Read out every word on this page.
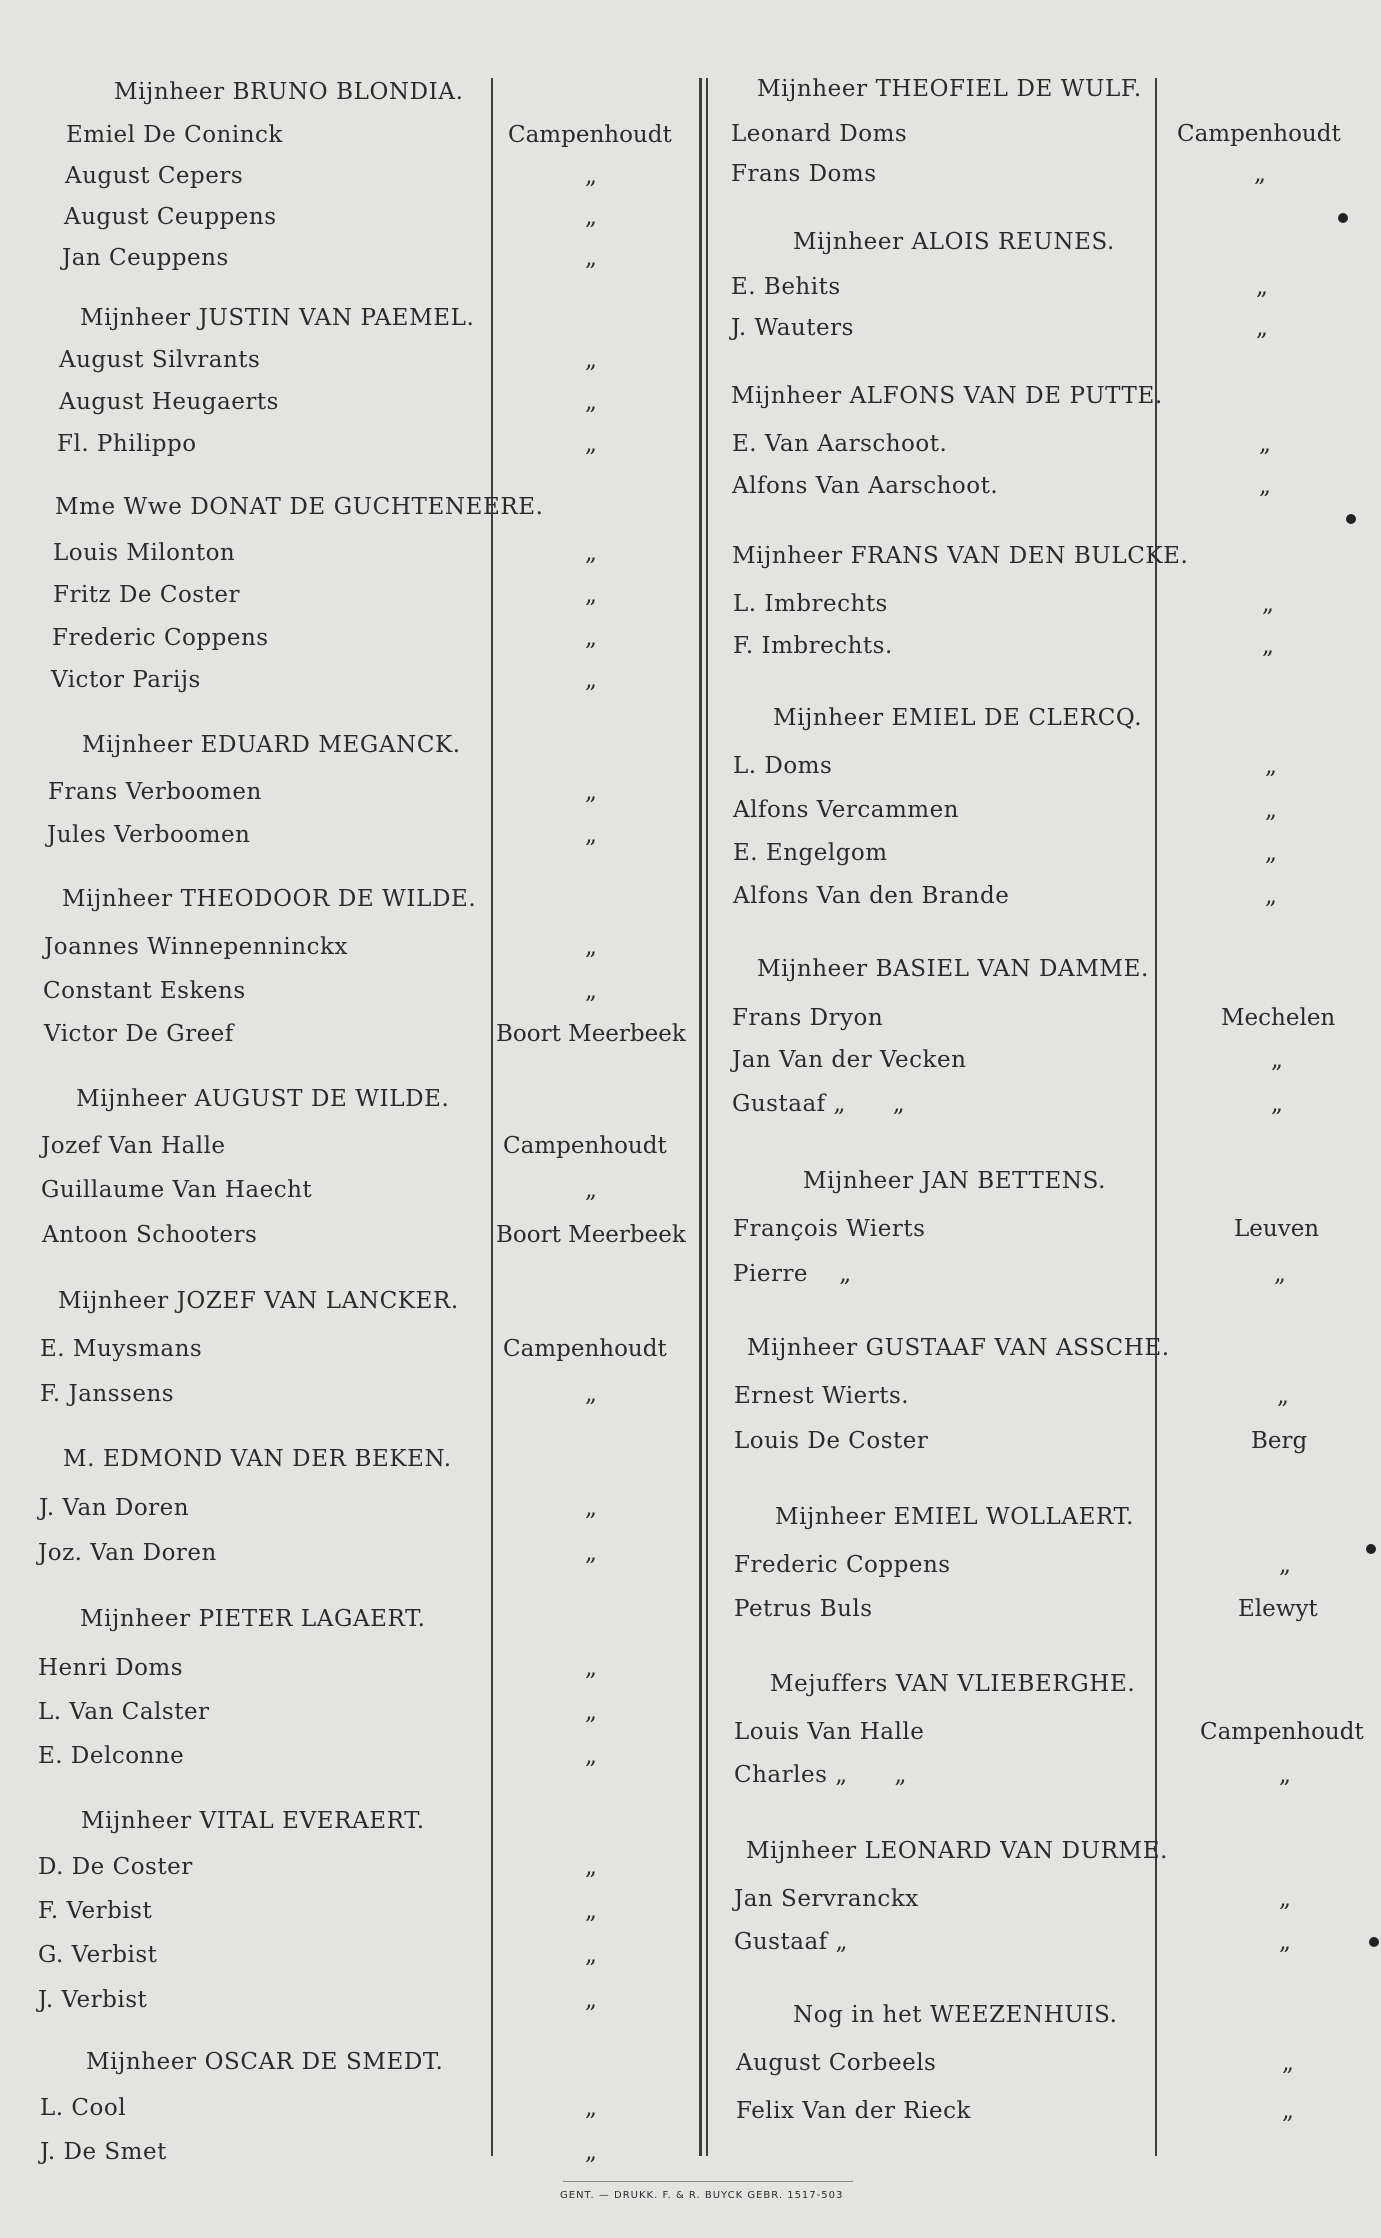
Mijnheer BRUNO BLONDIA.
Emiel De Coninck	Campenhoudt
August Cepers	„
August Ceuppens	„
Jan Ceuppens	„
Mijnheer JUSTIN VAN PAEMEL.
August Silvrants	„
August Heugaerts	„
Fl. Philippo	„
Mme Wwe DONAT DE GUCHTENEERE.
Louis Milonton	„
Fritz De Coster	„
Frederic Coppens	„
Victor Parijs	„
Mijnheer EDUARD MEGANCK.
Frans Verboomen	„
Jules Verboomen	„
Mijnheer THEODOOR DE WILDE.
Joannes Winnepenninckx	„
Constant Eskens	„
Victor De Greef	Boort Meerbeek
Mijnheer AUGUST DE WILDE.
Jozef Van Halle	Campenhoudt
Guillaume Van Haecht	„
Antoon Schooters	Boort Meerbeek
Mijnheer JOZEF VAN LANCKER.
E. Muysmans	Campenhoudt
F. Janssens	„
M. EDMOND VAN DER BEKEN.
J. Van Doren	„
Joz. Van Doren	„
Mijnheer PIETER LAGAERT.
Henri Doms	„
L. Van Calster	„
E. Delconne	„
Mijnheer VITAL EVERAERT.
D. De Coster	„
F. Verbist	„
G. Verbist	„
J. Verbist	„
Mijnheer OSCAR DE SMEDT.
L. Cool	„
J. De Smet	„
Mijnheer THEOFIEL DE WULF.
Leonard Doms	Campenhoudt
Frans Doms	„
Mijnheer ALOIS REUNES.
E. Behits	„
J. Wauters	„
Mijnheer ALFONS VAN DE PUTTE.
E. Van Aarschoot.	„
Alfons Van Aarschoot.	„
Mijnheer FRANS VAN DEN BULCKE.
L. Imbrechts	„
F. Imbrechts.	„
Mijnheer EMIEL DE CLERCQ.
L. Doms	„
Alfons Vercammen	„
E. Engelgom	„
Alfons Van den Brande	„
Mijnheer BASIEL VAN DAMME.
Frans Dryon	Mechelen
Jan Van der Vecken	„
Gustaaf „      „	„
Mijnheer JAN BETTENS.
François Wierts	Leuven
Pierre    „	„
Mijnheer GUSTAAF VAN ASSCHE.
Ernest Wierts.	„
Louis De Coster	Berg
Mijnheer EMIEL WOLLAERT.
Frederic Coppens	„
Petrus Buls	Elewyt
Mejuffers VAN VLIEBERGHE.
Louis Van Halle	Campenhoudt
Charles „      „	„
Mijnheer LEONARD VAN DURME.
Jan Servranckx	„
Gustaaf „	„
Nog in het WEEZENHUIS.
August Corbeels	„
Felix Van der Rieck	„
GENT. — DRUKK. F. & R. BUYCK GEBR. 1517-503
